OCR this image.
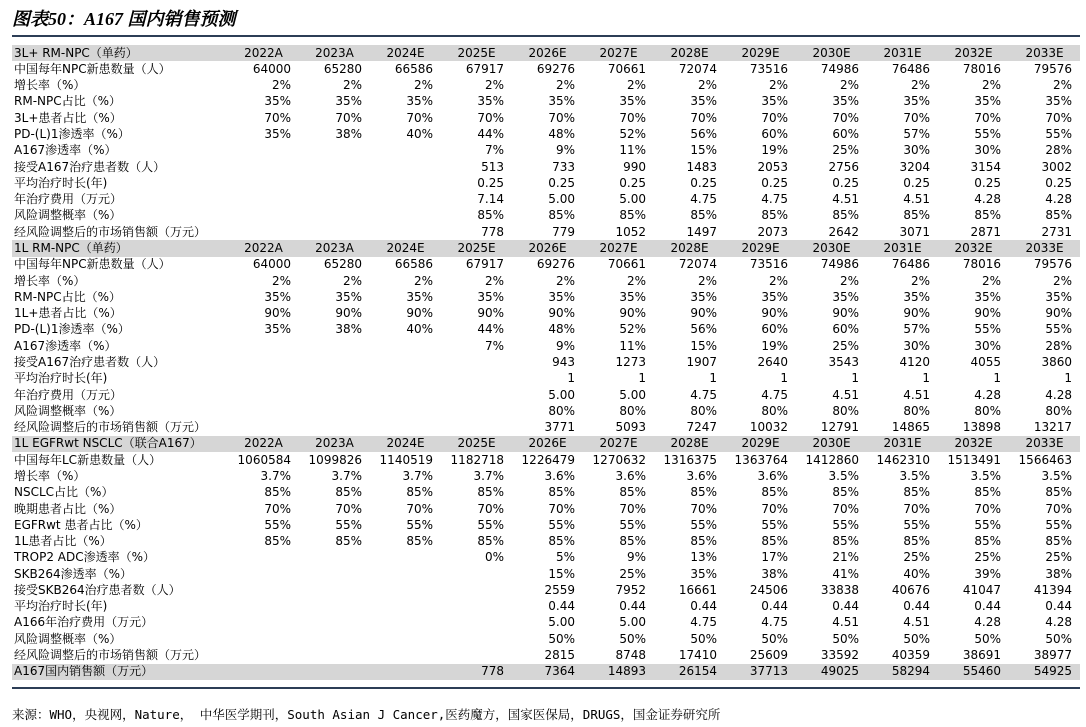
图表50：A167 国内销售预测
3L+ RM-NPC（单药）	2022A	2023A	2024E	2025E	2026E	2027E	2028E	2029E	2030E	2031E	2032E	2033E
中国每年NPC新患数量（人）	64000	65280	66586	67917	69276	70661	72074	73516	74986	76486	78016	79576
增长率（%）	2%	2%	2%	2%	2%	2%	2%	2%	2%	2%	2%	2%
RM-NPC占比（%）	35%	35%	35%	35%	35%	35%	35%	35%	35%	35%	35%	35%
3L+患者占比（%）	70%	70%	70%	70%	70%	70%	70%	70%	70%	70%	70%	70%
PD-(L)1渗透率（%）	35%	38%	40%	44%	48%	52%	56%	60%	60%	57%	55%	55%
A167渗透率（%）				7%	9%	11%	15%	19%	25%	30%	30%	28%
接受A167治疗患者数（人）				513	733	990	1483	2053	2756	3204	3154	3002
平均治疗时长(年)				0.25	0.25	0.25	0.25	0.25	0.25	0.25	0.25	0.25
年治疗费用（万元）				7.14	5.00	5.00	4.75	4.75	4.51	4.51	4.28	4.28
风险调整概率（%）				85%	85%	85%	85%	85%	85%	85%	85%	85%
经风险调整后的市场销售额（万元）				778	779	1052	1497	2073	2642	3071	2871	2731
1L RM-NPC（单药）	2022A	2023A	2024E	2025E	2026E	2027E	2028E	2029E	2030E	2031E	2032E	2033E
中国每年NPC新患数量（人）	64000	65280	66586	67917	69276	70661	72074	73516	74986	76486	78016	79576
增长率（%）	2%	2%	2%	2%	2%	2%	2%	2%	2%	2%	2%	2%
RM-NPC占比（%）	35%	35%	35%	35%	35%	35%	35%	35%	35%	35%	35%	35%
1L+患者占比（%）	90%	90%	90%	90%	90%	90%	90%	90%	90%	90%	90%	90%
PD-(L)1渗透率（%）	35%	38%	40%	44%	48%	52%	56%	60%	60%	57%	55%	55%
A167渗透率（%）				7%	9%	11%	15%	19%	25%	30%	30%	28%
接受A167治疗患者数（人）					943	1273	1907	2640	3543	4120	4055	3860
平均治疗时长(年)					1	1	1	1	1	1	1	1
年治疗费用（万元）					5.00	5.00	4.75	4.75	4.51	4.51	4.28	4.28
风险调整概率（%）					80%	80%	80%	80%	80%	80%	80%	80%
经风险调整后的市场销售额（万元）					3771	5093	7247	10032	12791	14865	13898	13217
1L EGFRwt NSCLC（联合A167）	2022A	2023A	2024E	2025E	2026E	2027E	2028E	2029E	2030E	2031E	2032E	2033E
中国每年LC新患数量（人）	1060584	1099826	1140519	1182718	1226479	1270632	1316375	1363764	1412860	1462310	1513491	1566463
增长率（%）	3.7%	3.7%	3.7%	3.7%	3.6%	3.6%	3.6%	3.6%	3.5%	3.5%	3.5%	3.5%
NSCLC占比（%）	85%	85%	85%	85%	85%	85%	85%	85%	85%	85%	85%	85%
晚期患者占比（%）	70%	70%	70%	70%	70%	70%	70%	70%	70%	70%	70%	70%
EGFRwt 患者占比（%）	55%	55%	55%	55%	55%	55%	55%	55%	55%	55%	55%	55%
1L患者占比（%）	85%	85%	85%	85%	85%	85%	85%	85%	85%	85%	85%	85%
TROP2 ADC渗透率（%）				0%	5%	9%	13%	17%	21%	25%	25%	25%
SKB264渗透率（%）					15%	25%	35%	38%	41%	40%	39%	38%
接受SKB264治疗患者数（人）					2559	7952	16661	24506	33838	40676	41047	41394
平均治疗时长(年)					0.44	0.44	0.44	0.44	0.44	0.44	0.44	0.44
A166年治疗费用（万元）					5.00	5.00	4.75	4.75	4.51	4.51	4.28	4.28
风险调整概率（%）					50%	50%	50%	50%	50%	50%	50%	50%
经风险调整后的市场销售额（万元）					2815	8748	17410	25609	33592	40359	38691	38977
A167国内销售额（万元）				778	7364	14893	26154	37713	49025	58294	55460	54925
来源：WHO，央视网，Nature， 中华医学期刊，South Asian J Cancer,医药魔方，国家医保局，DRUGS，国金证券研究所
